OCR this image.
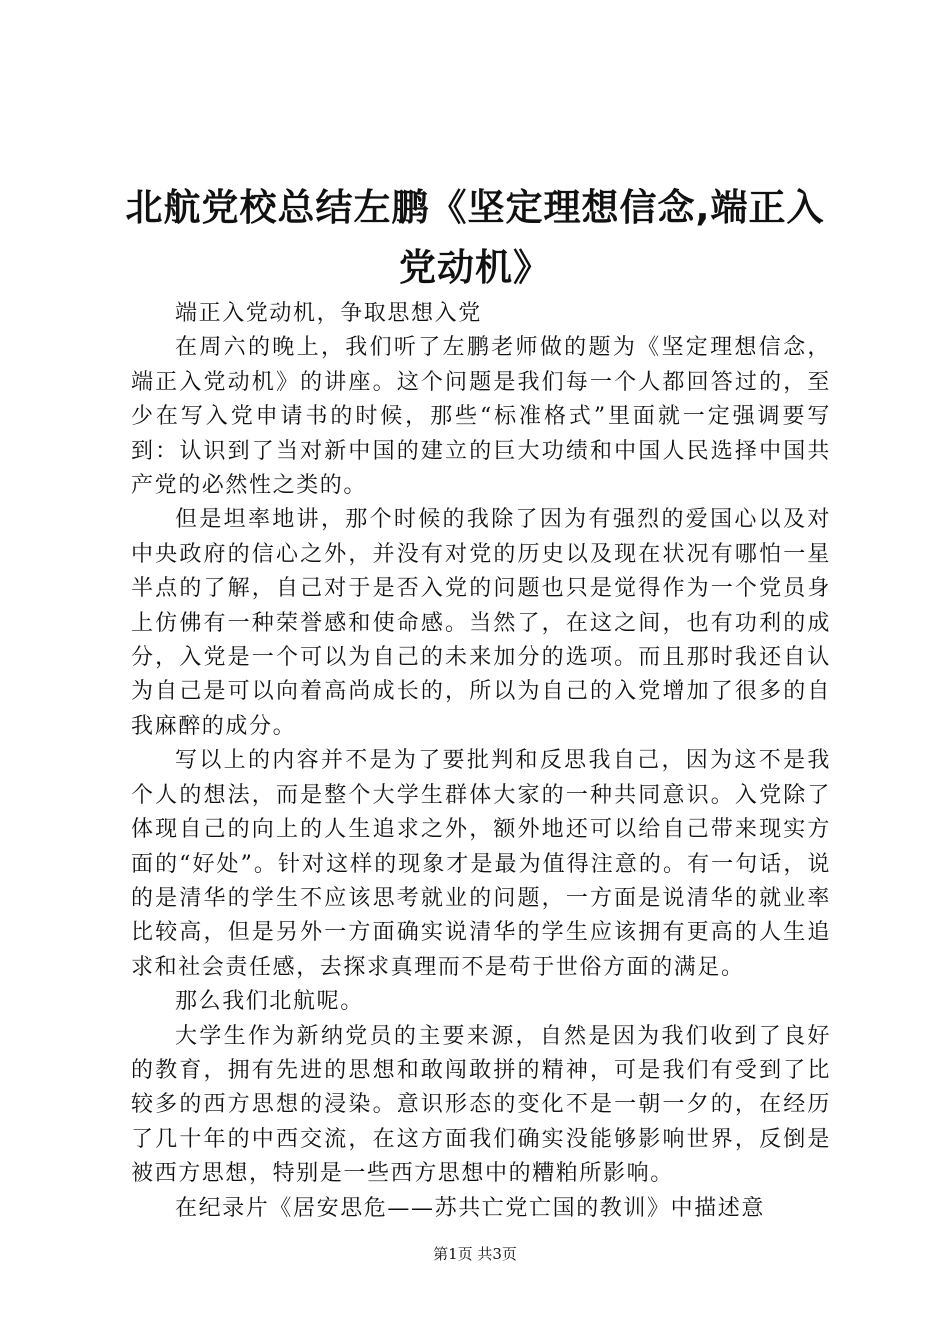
北航党校总结左鹏《坚定理想信念,端正入党动机》

端正入党动机，争取思想入党

在周六的晚上，我们听了左鹏老师做的题为《坚定理想信念，端正入党动机》的讲座。这个问题是我们每一个人都回答过的，至少在写入党申请书的时候，那些“标准格式”里面就一定强调要写到：认识到了当对新中国的建立的巨大功绩和中国人民选择中国共产党的必然性之类的。

但是坦率地讲，那个时候的我除了因为有强烈的爱国心以及对中央政府的信心之外，并没有对党的历史以及现在状况有哪怕一星半点的了解，自己对于是否入党的问题也只是觉得作为一个党员身上仿佛有一种荣誉感和使命感。当然了，在这之间，也有功利的成分，入党是一个可以为自己的未来加分的选项。而且那时我还自认为自己是可以向着高尚成长的，所以为自己的入党增加了很多的自我麻醉的成分。

写以上的内容并不是为了要批判和反思我自己，因为这不是我个人的想法，而是整个大学生群体大家的一种共同意识。入党除了体现自己的向上的人生追求之外，额外地还可以给自己带来现实方面的“好处”。针对这样的现象才是最为值得注意的。有一句话，说的是清华的学生不应该思考就业的问题，一方面是说清华的就业率比较高，但是另外一方面确实说清华的学生应该拥有更高的人生追求和社会责任感，去探求真理而不是苟于世俗方面的满足。

那么我们北航呢。

大学生作为新纳党员的主要来源，自然是因为我们收到了良好的教育，拥有先进的思想和敢闯敢拼的精神，可是我们有受到了比较多的西方思想的浸染。意识形态的变化不是一朝一夕的，在经历了几十年的中西交流，在这方面我们确实没能够影响世界，反倒是被西方思想，特别是一些西方思想中的糟粕所影响。

在纪录片《居安思危——苏共亡党亡国的教训》中描述意

第1页 共3页
